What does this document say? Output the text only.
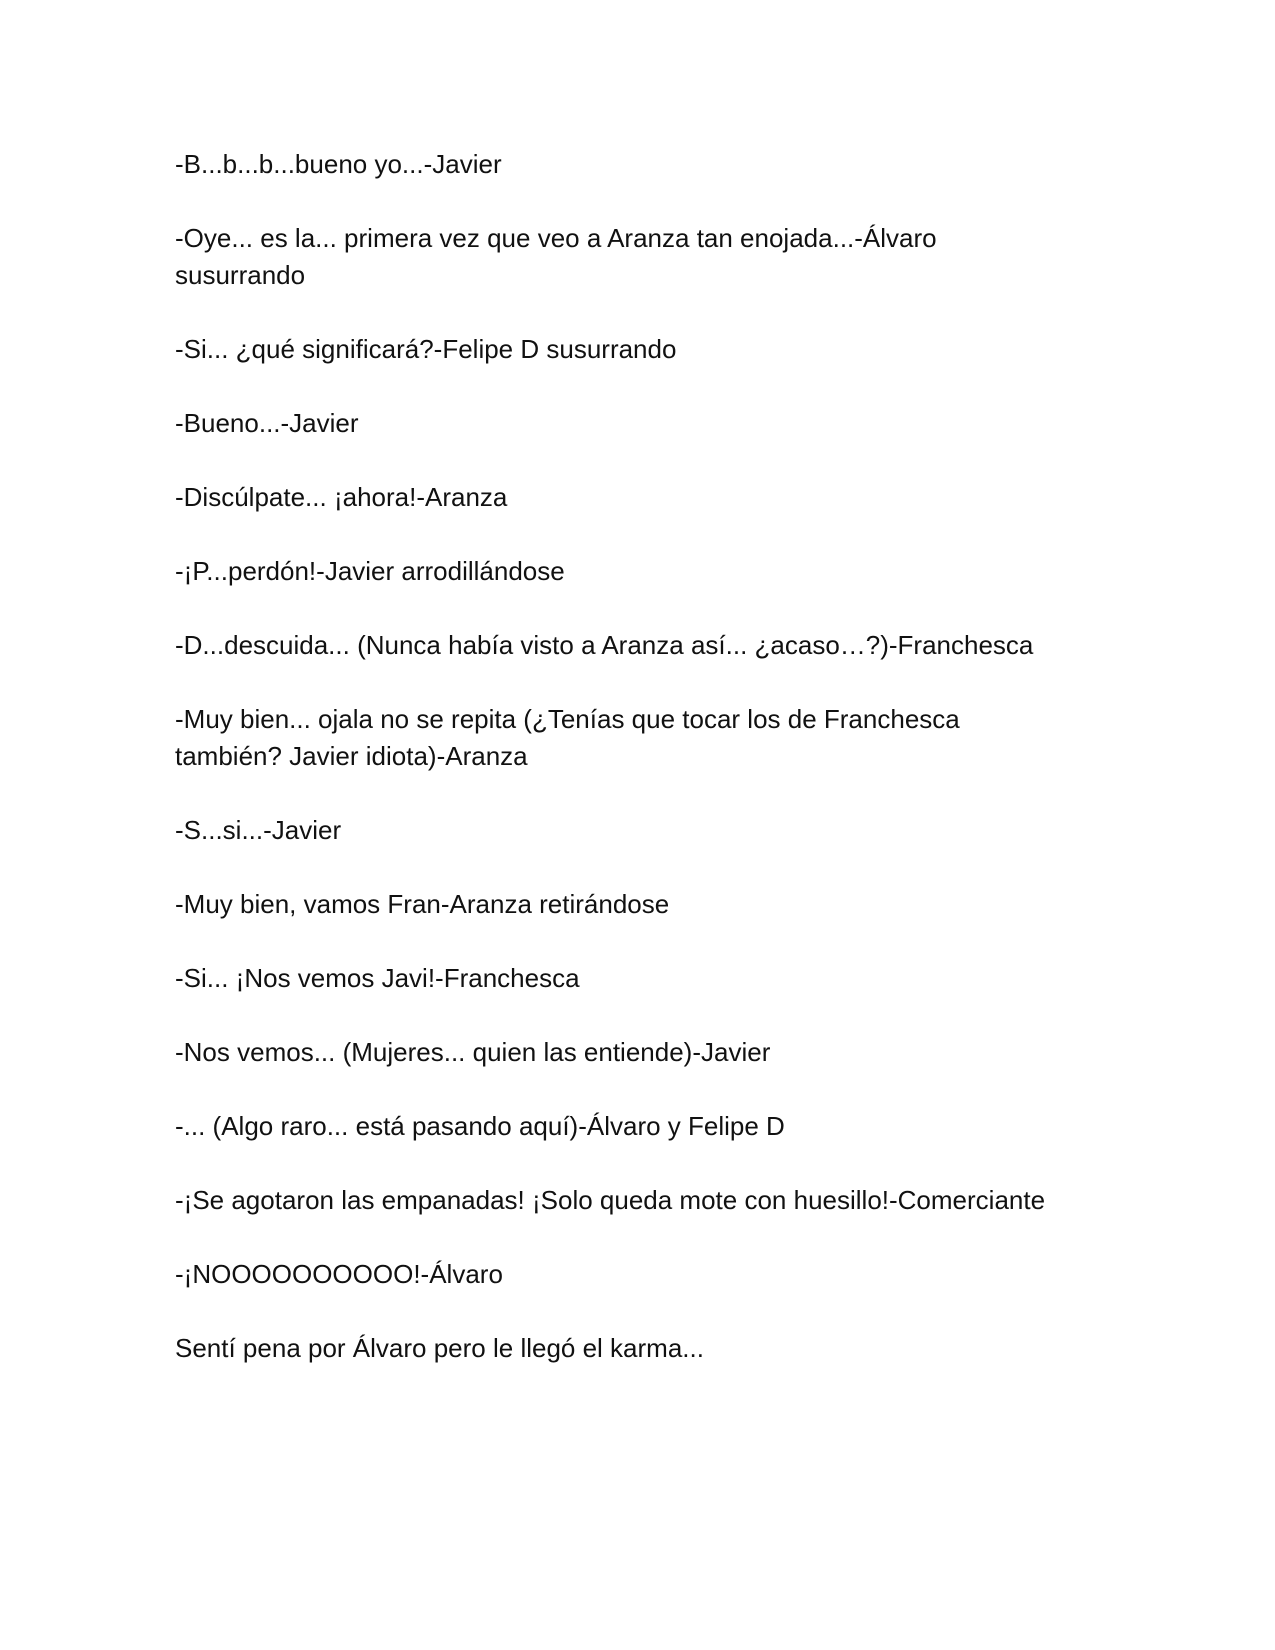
-B...b...b...bueno yo...-Javier

-Oye... es la... primera vez que veo a Aranza tan enojada...-Álvaro susurrando

-Si... ¿qué significará?-Felipe D susurrando

-Bueno...-Javier

-Discúlpate... ¡ahora!-Aranza

-¡P...perdón!-Javier arrodillándose

-D...descuida... (Nunca había visto a Aranza así... ¿acaso…?)-Franchesca

-Muy bien... ojala no se repita (¿Tenías que tocar los de Franchesca también? Javier idiota)-Aranza

-S...si...-Javier

-Muy bien, vamos Fran-Aranza retirándose

-Si... ¡Nos vemos Javi!-Franchesca

-Nos vemos... (Mujeres... quien las entiende)-Javier

-... (Algo raro... está pasando aquí)-Álvaro y Felipe D

-¡Se agotaron las empanadas! ¡Solo queda mote con huesillo!-Comerciante

-¡NOOOOOOOOOO!-Álvaro

Sentí pena por Álvaro pero le llegó el karma...
